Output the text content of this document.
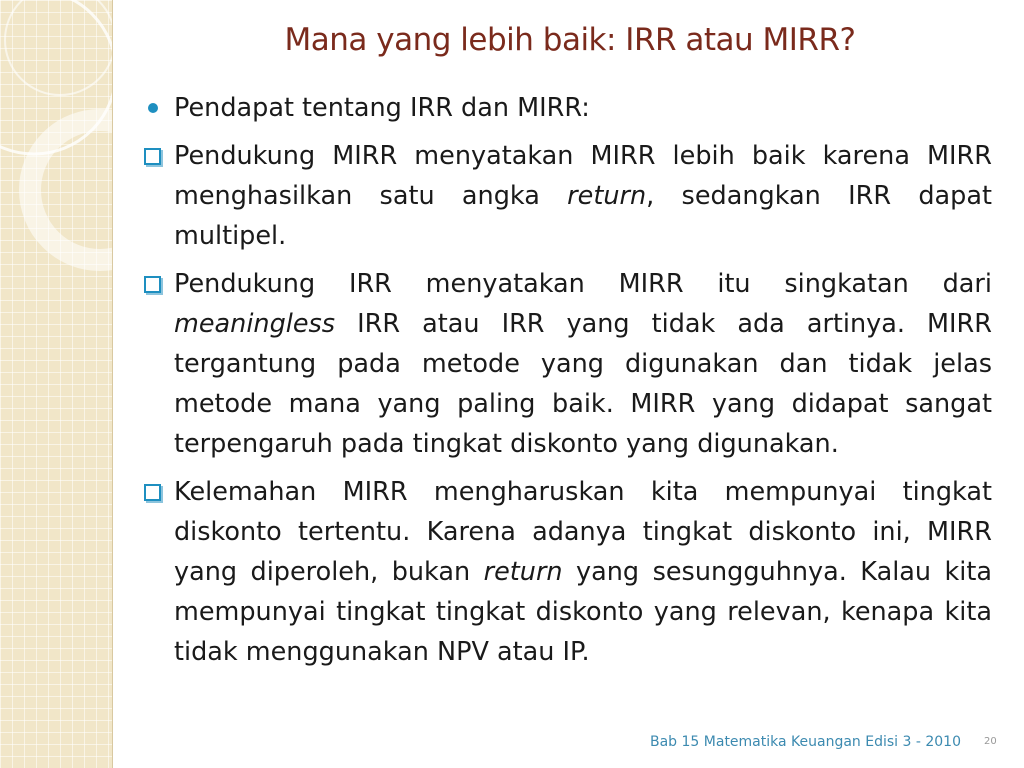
Mana yang lebih baik: IRR atau MIRR?
Pendapat tentang IRR dan MIRR:
Pendukung MIRR menyatakan MIRR lebih baik karena MIRR menghasilkan satu angka return, sedangkan IRR dapat multipel.
Pendukung IRR menyatakan MIRR itu singkatan dari meaningless IRR atau IRR yang tidak ada artinya. MIRR tergantung pada metode yang digunakan dan tidak jelas metode mana yang paling baik. MIRR yang didapat sangat terpengaruh pada tingkat diskonto yang digunakan.
Kelemahan MIRR mengharuskan kita mempunyai tingkat diskonto tertentu. Karena adanya tingkat diskonto ini, MIRR yang diperoleh, bukan return yang sesungguhnya. Kalau kita mempunyai tingkat tingkat diskonto yang relevan, kenapa kita tidak menggunakan NPV atau IP.
Bab 15 Matematika Keuangan Edisi 3 - 2010 20
